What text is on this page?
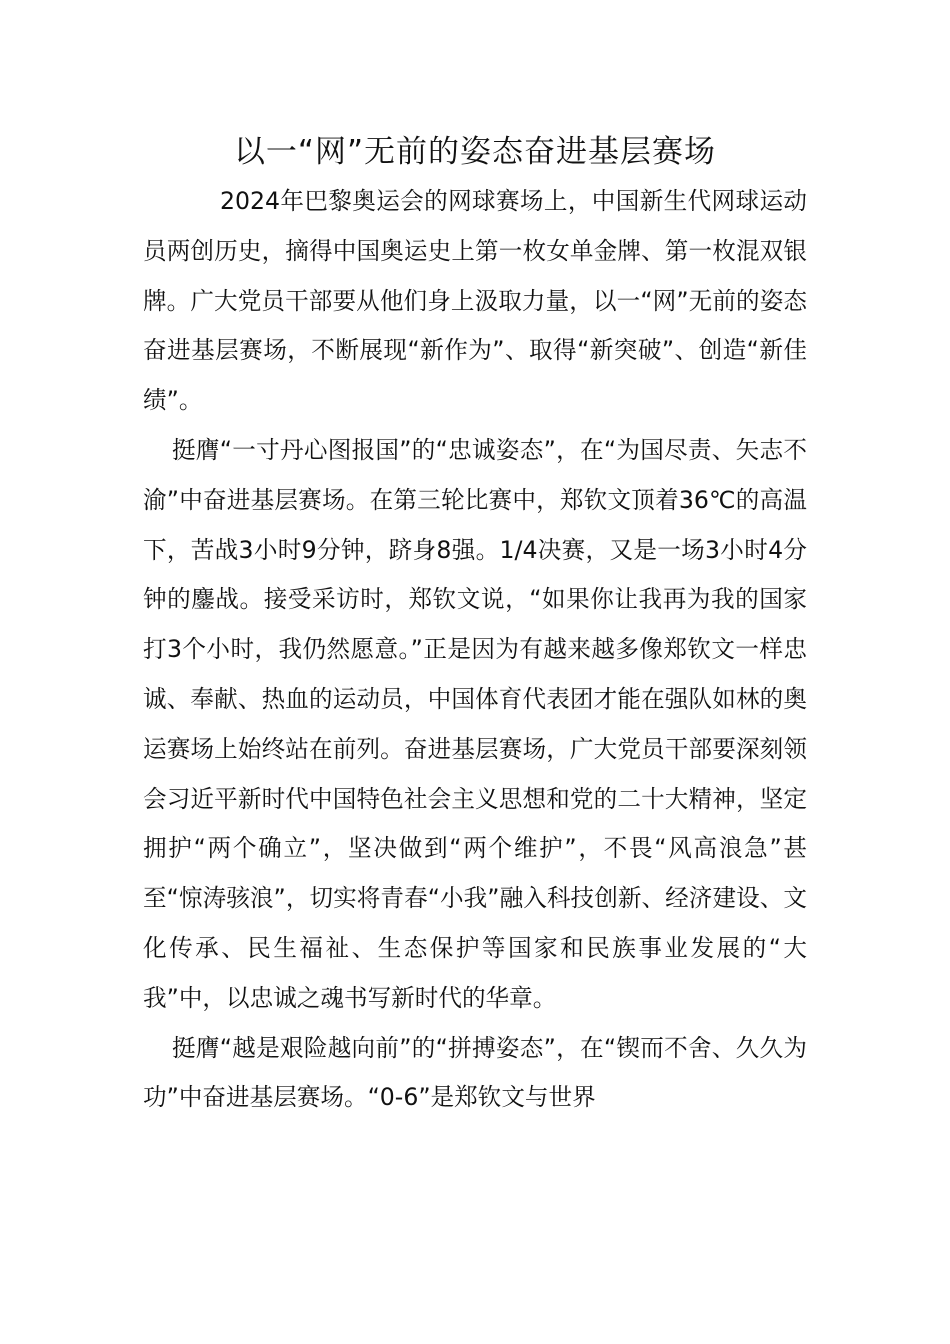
以一“网”无前的姿态奋进基层赛场

2024年巴黎奥运会的网球赛场上，中国新生代网球运动员两创历史，摘得中国奥运史上第一枚女单金牌、第一枚混双银牌。广大党员干部要从他们身上汲取力量，以一“网”无前的姿态奋进基层赛场，不断展现“新作为”、取得“新突破”、创造“新佳绩”。

挺膺“一寸丹心图报国”的“忠诚姿态”，在“为国尽责、矢志不渝”中奋进基层赛场。在第三轮比赛中，郑钦文顶着36℃的高温下，苦战3小时9分钟，跻身8强。1/4决赛，又是一场3小时4分钟的鏖战。接受采访时，郑钦文说，“如果你让我再为我的国家打3个小时，我仍然愿意。”正是因为有越来越多像郑钦文一样忠诚、奉献、热血的运动员，中国体育代表团才能在强队如林的奥运赛场上始终站在前列。奋进基层赛场，广大党员干部要深刻领会习近平新时代中国特色社会主义思想和党的二十大精神，坚定拥护“两个确立”，坚决做到“两个维护”，不畏“风高浪急”甚至“惊涛骇浪”，切实将青春“小我”融入科技创新、经济建设、文化传承、民生福祉、生态保护等国家和民族事业发展的“大我”中，以忠诚之魂书写新时代的华章。

挺膺“越是艰险越向前”的“拼搏姿态”，在“锲而不舍、久久为功”中奋进基层赛场。“0-6”是郑钦文与世界
